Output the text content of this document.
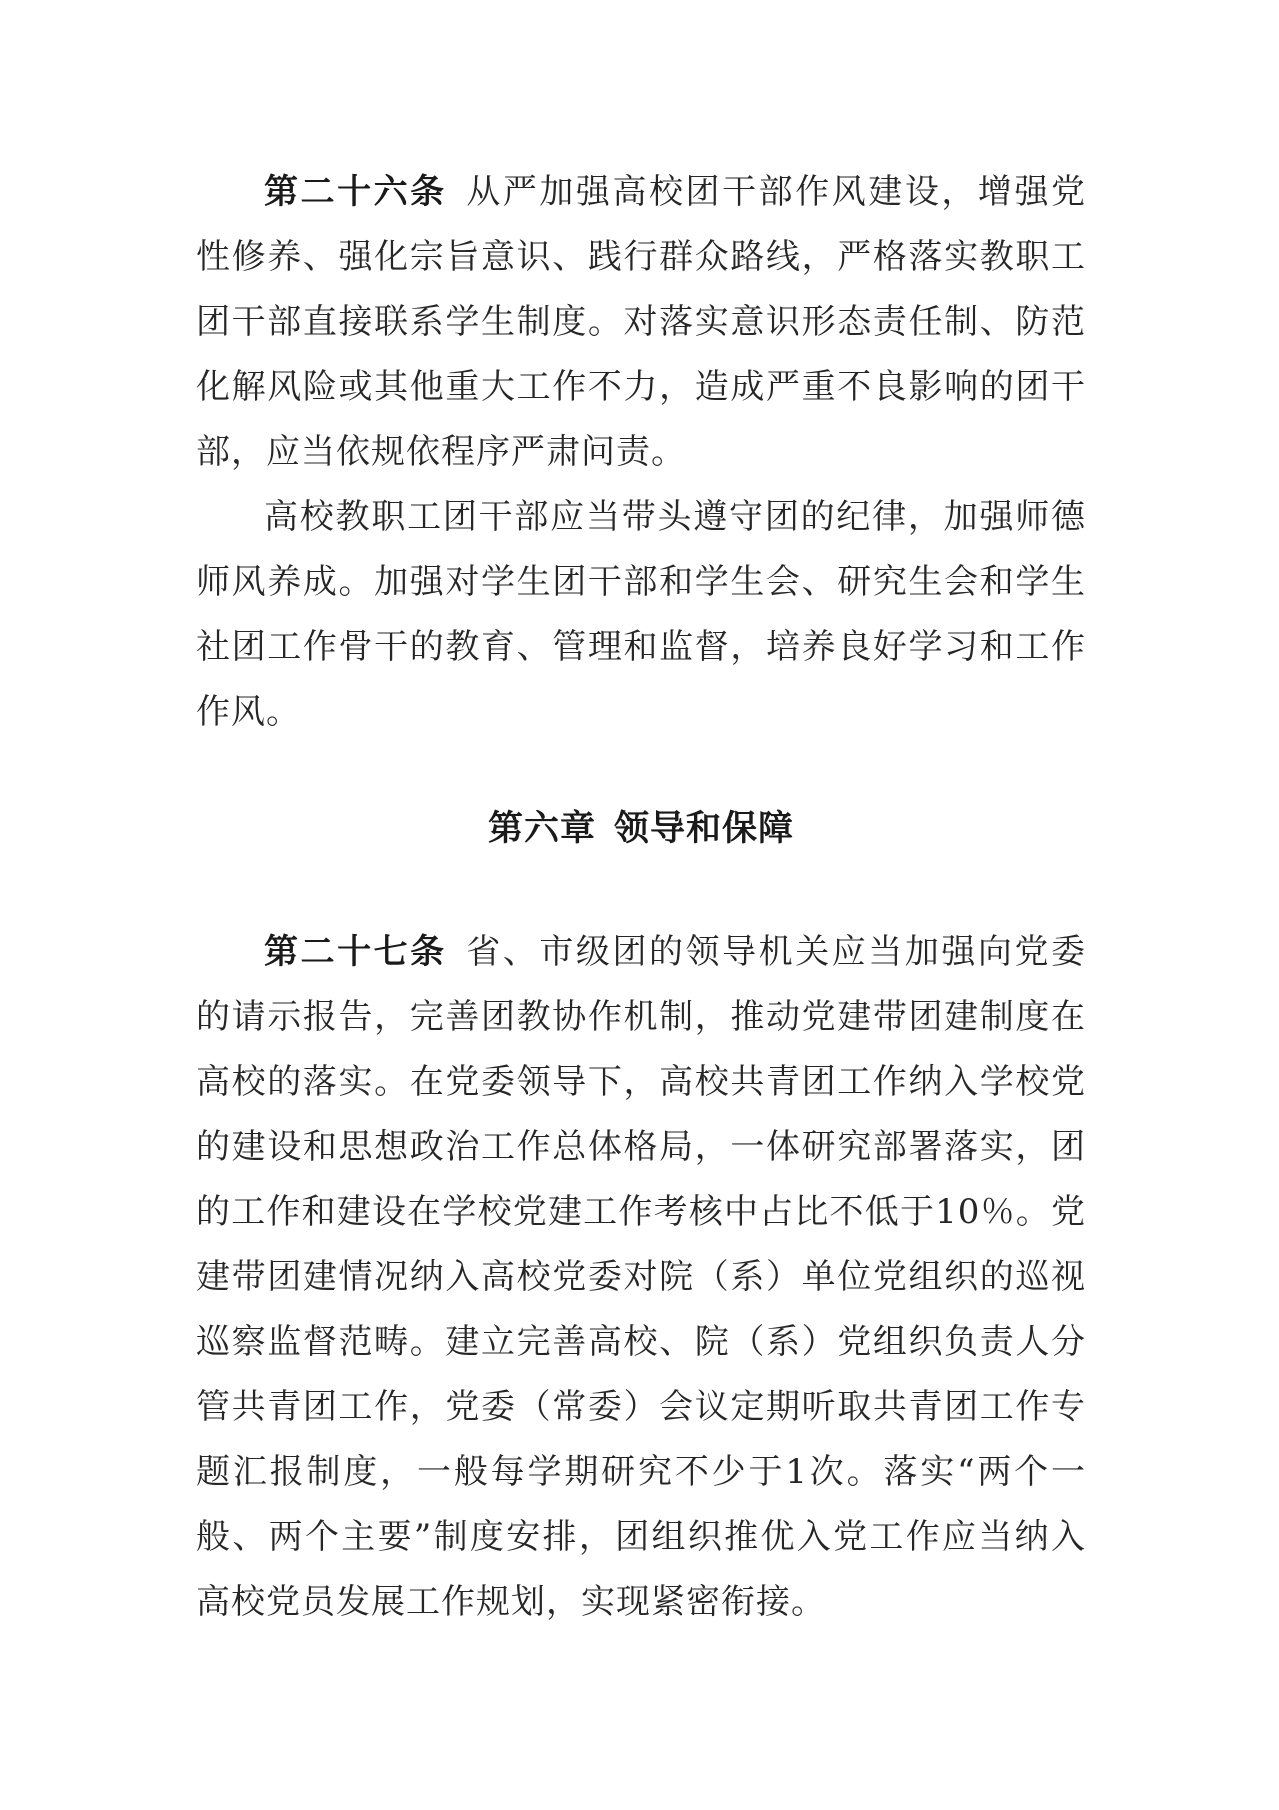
第二十六条 从严加强高校团干部作风建设，增强党性修养、强化宗旨意识、践行群众路线，严格落实教职工团干部直接联系学生制度。对落实意识形态责任制、防范化解风险或其他重大工作不力，造成严重不良影响的团干部，应当依规依程序严肃问责。

高校教职工团干部应当带头遵守团的纪律，加强师德师风养成。加强对学生团干部和学生会、研究生会和学生社团工作骨干的教育、管理和监督，培养良好学习和工作作风。

第六章 领导和保障

第二十七条 省、市级团的领导机关应当加强向党委的请示报告，完善团教协作机制，推动党建带团建制度在高校的落实。在党委领导下，高校共青团工作纳入学校党的建设和思想政治工作总体格局，一体研究部署落实，团的工作和建设在学校党建工作考核中占比不低于10％。党建带团建情况纳入高校党委对院（系）单位党组织的巡视巡察监督范畴。建立完善高校、院（系）党组织负责人分管共青团工作，党委（常委）会议定期听取共青团工作专题汇报制度，一般每学期研究不少于1次。落实“两个一般、两个主要”制度安排，团组织推优入党工作应当纳入高校党员发展工作规划，实现紧密衔接。
